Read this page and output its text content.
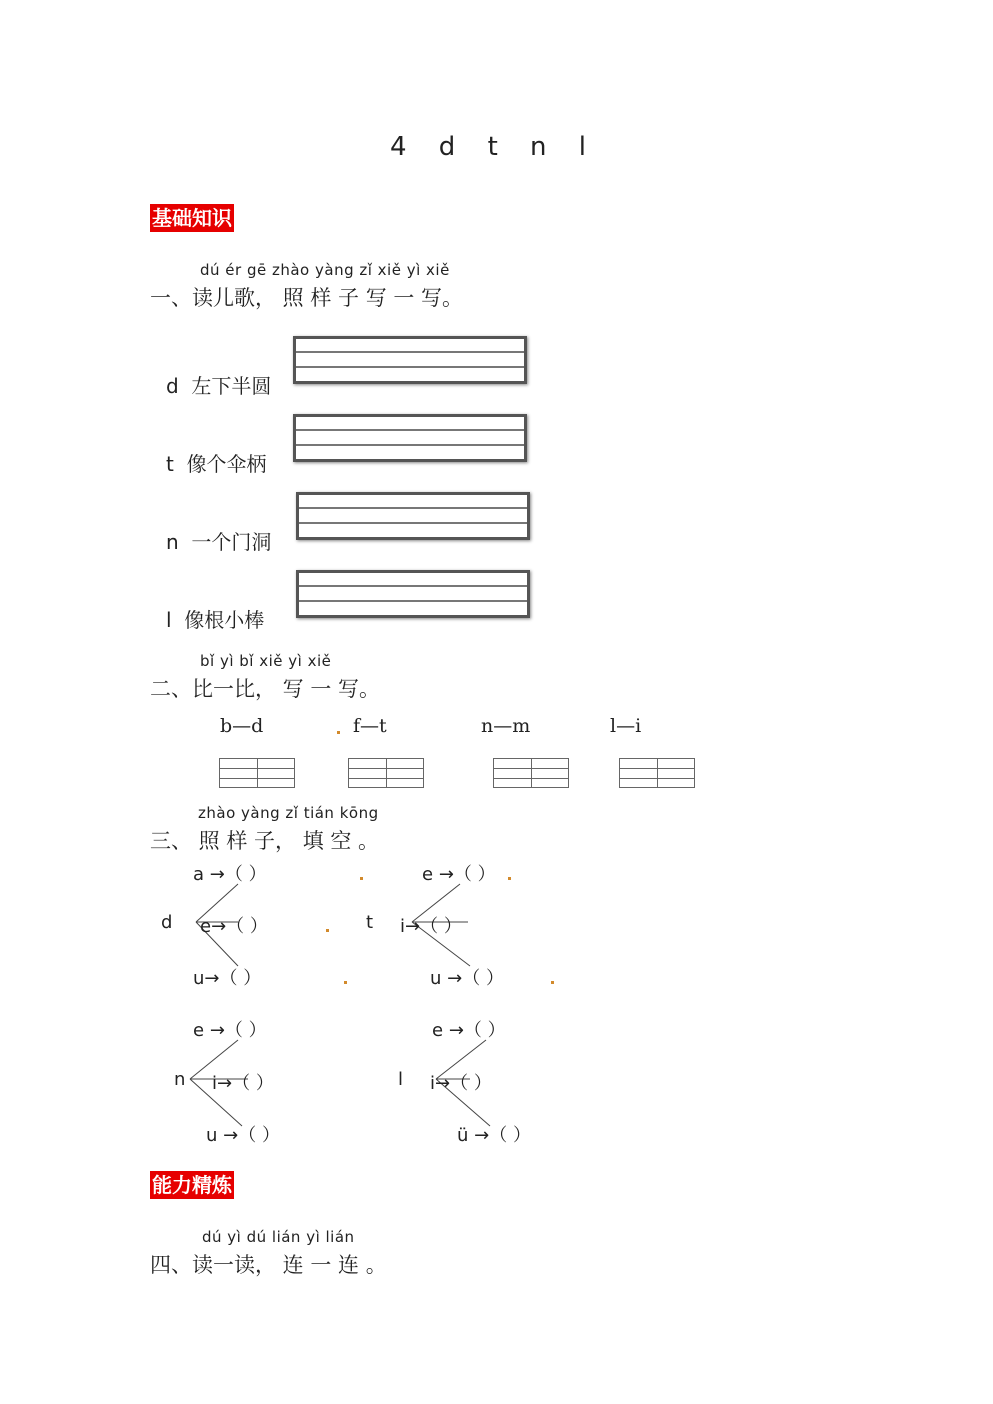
4 d t n l
基础知识
dú ér gē zhào yàng zǐ xiě yì xiě
一、读儿歌， 照 样 子 写 一 写。
d 左下半圆
t 像个伞柄
n 一个门洞
l 像根小棒
bǐ yì bǐ xiě yì xiě
二、比一比， 写 一 写。
b—d	f—t	n—m	l—i
zhào yàng zǐ tián kōng
三、 照 样 子， 填 空 。
d
a →（ ）
e→（ ）
u→（ ）
t
e →（ ）
i→（ ）
u →（ ）
n
e →（ ）
i→（ ）
u →（ ）
l
e →（ ）
i→（ ）
ü →（ ）
能力精炼
dú yì dú lián yì lián
四、读一读， 连 一 连 。
